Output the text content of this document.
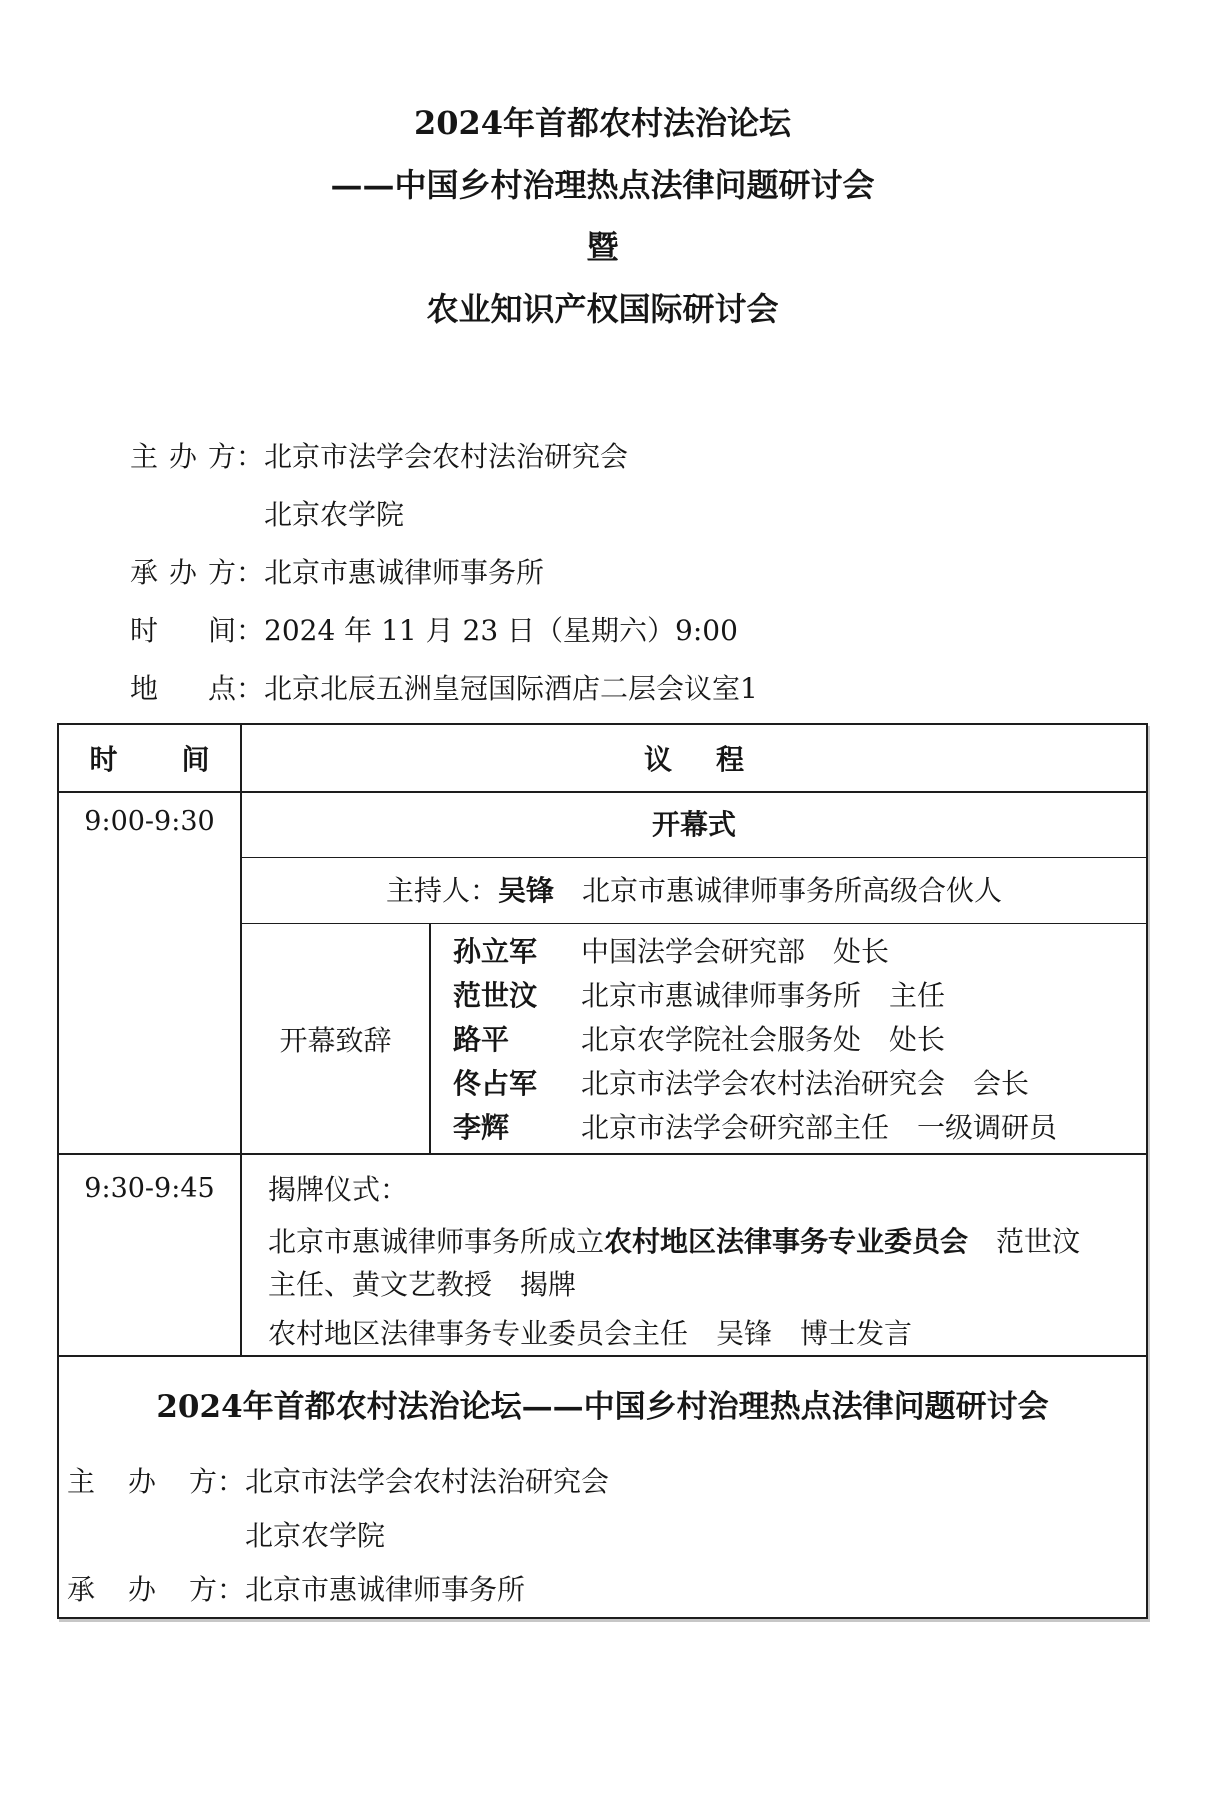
2024年首都农村法治论坛
——中国乡村治理热点法律问题研讨会
暨
农业知识产权国际研讨会
主办方：北京市法学会农村法治研究会
北京农学院
承办方：北京市惠诚律师事务所
时间：2024 年 11 月 23 日（星期六）9:00
地点：北京北辰五洲皇冠国际酒店二层会议室1
时间	议程
9:00-9:30	开幕式
主持人：吴锋　北京市惠诚律师事务所高级合伙人
开幕致辞
孙立军 中国法学会研究部　处长
范世汶 北京市惠诚律师事务所　主任
路平	北京农学院社会服务处　处长
佟占军 北京市法学会农村法治研究会　会长
李辉	北京市法学会研究部主任　一级调研员
9:30-9:45	揭牌仪式：
北京市惠诚律师事务所成立农村地区法律事务专业委员会　范世汶主任、黄文艺教授　揭牌
农村地区法律事务专业委员会主任　吴锋　博士发言
2024年首都农村法治论坛——中国乡村治理热点法律问题研讨会
主办方：北京市法学会农村法治研究会
北京农学院
承办方：北京市惠诚律师事务所
